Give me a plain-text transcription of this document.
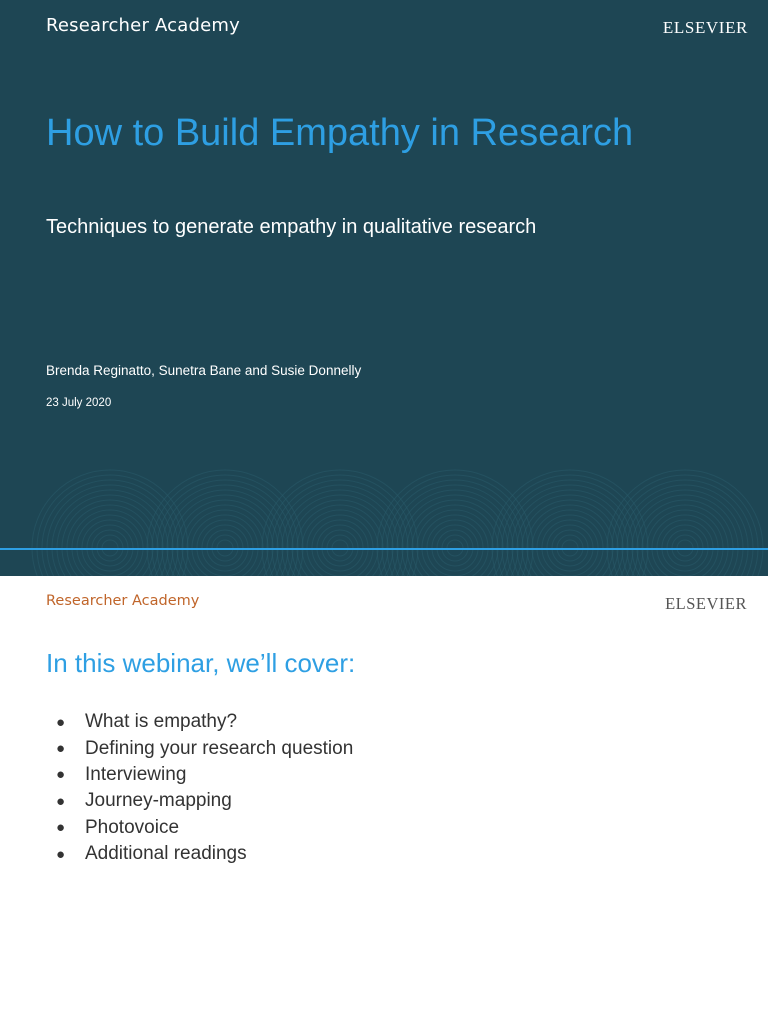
Researcher Academy	ELSEVIER
How to Build Empathy in Research
Techniques to generate empathy in qualitative research
Brenda Reginatto, Sunetra Bane and Susie Donnelly
23 July 2020
Researcher Academy	ELSEVIER
In this webinar, we’ll cover:
●	What is empathy?
●	Defining your research question
●	Interviewing
●	Journey-mapping
●	Photovoice
●	Additional readings
